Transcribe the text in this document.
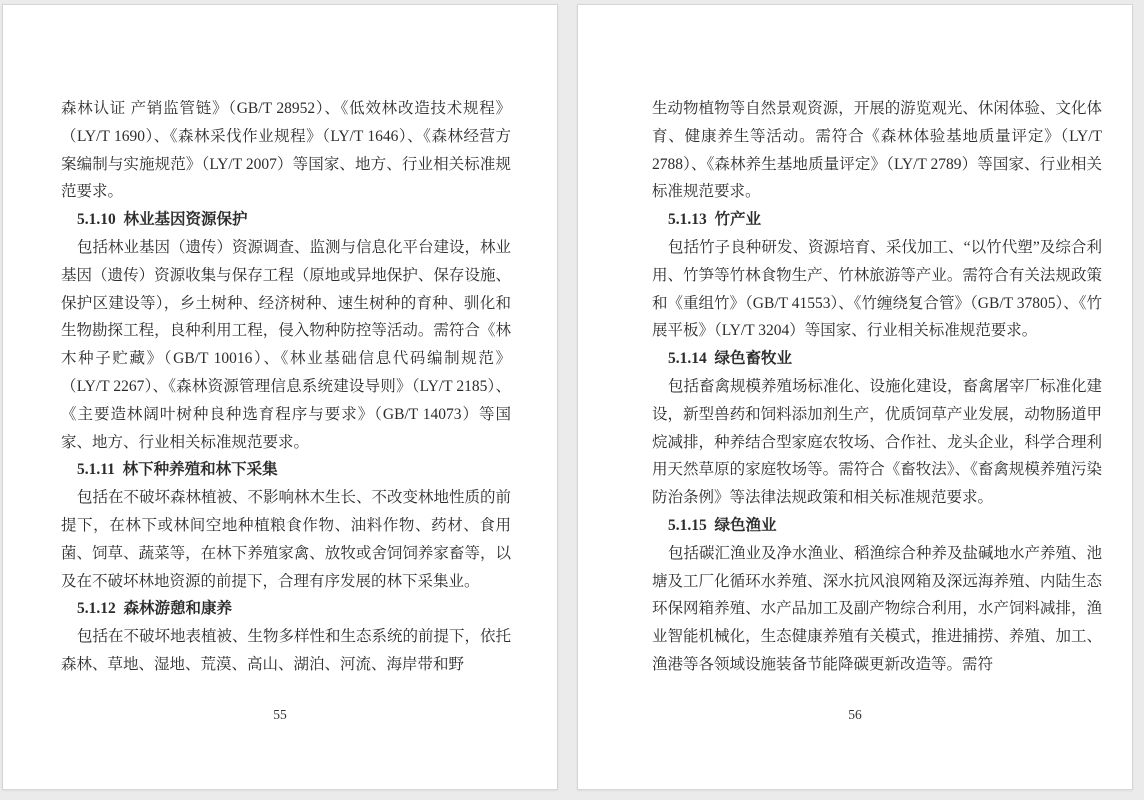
森林认证 产销监管链》（GB/T 28952）、《低效林改造技术规程》（LY/T 1690）、《森林采伐作业规程》（LY/T 1646）、《森林经营方案编制与实施规范》（LY/T 2007）等国家、地方、行业相关标准规范要求。

5.1.10  林业基因资源保护

包括林业基因（遗传）资源调查、监测与信息化平台建设，林业基因（遗传）资源收集与保存工程（原地或异地保护、保存设施、保护区建设等），乡土树种、经济树种、速生树种的育种、驯化和生物勘探工程，良种利用工程，侵入物种防控等活动。需符合《林木种子贮藏》（GB/T 10016）、《林业基础信息代码编制规范》（LY/T 2267）、《森林资源管理信息系统建设导则》（LY/T 2185）、《主要造林阔叶树种良种选育程序与要求》（GB/T 14073）等国家、地方、行业相关标准规范要求。

5.1.11  林下种养殖和林下采集

包括在不破坏森林植被、不影响林木生长、不改变林地性质的前提下，在林下或林间空地种植粮食作物、油料作物、药材、食用菌、饲草、蔬菜等，在林下养殖家禽、放牧或舍饲饲养家畜等，以及在不破坏林地资源的前提下，合理有序发展的林下采集业。

5.1.12  森林游憩和康养

包括在不破坏地表植被、生物多样性和生态系统的前提下，依托森林、草地、湿地、荒漠、高山、湖泊、河流、海岸带和野

55

生动物植物等自然景观资源，开展的游览观光、休闲体验、文化体育、健康养生等活动。需符合《森林体验基地质量评定》（LY/T 2788）、《森林养生基地质量评定》（LY/T 2789）等国家、行业相关标准规范要求。

5.1.13  竹产业

包括竹子良种研发、资源培育、采伐加工、“以竹代塑”及综合利用、竹笋等竹林食物生产、竹林旅游等产业。需符合有关法规政策和《重组竹》（GB/T 41553）、《竹缠绕复合管》（GB/T 37805）、《竹展平板》（LY/T 3204）等国家、行业相关标准规范要求。

5.1.14  绿色畜牧业

包括畜禽规模养殖场标准化、设施化建设，畜禽屠宰厂标准化建设，新型兽药和饲料添加剂生产，优质饲草产业发展，动物肠道甲烷减排，种养结合型家庭农牧场、合作社、龙头企业，科学合理利用天然草原的家庭牧场等。需符合《畜牧法》、《畜禽规模养殖污染防治条例》等法律法规政策和相关标准规范要求。

5.1.15  绿色渔业

包括碳汇渔业及净水渔业、稻渔综合种养及盐碱地水产养殖、池塘及工厂化循环水养殖、深水抗风浪网箱及深远海养殖、内陆生态环保网箱养殖、水产品加工及副产物综合利用，水产饲料减排，渔业智能机械化，生态健康养殖有关模式，推进捕捞、养殖、加工、渔港等各领域设施装备节能降碳更新改造等。需符

56
